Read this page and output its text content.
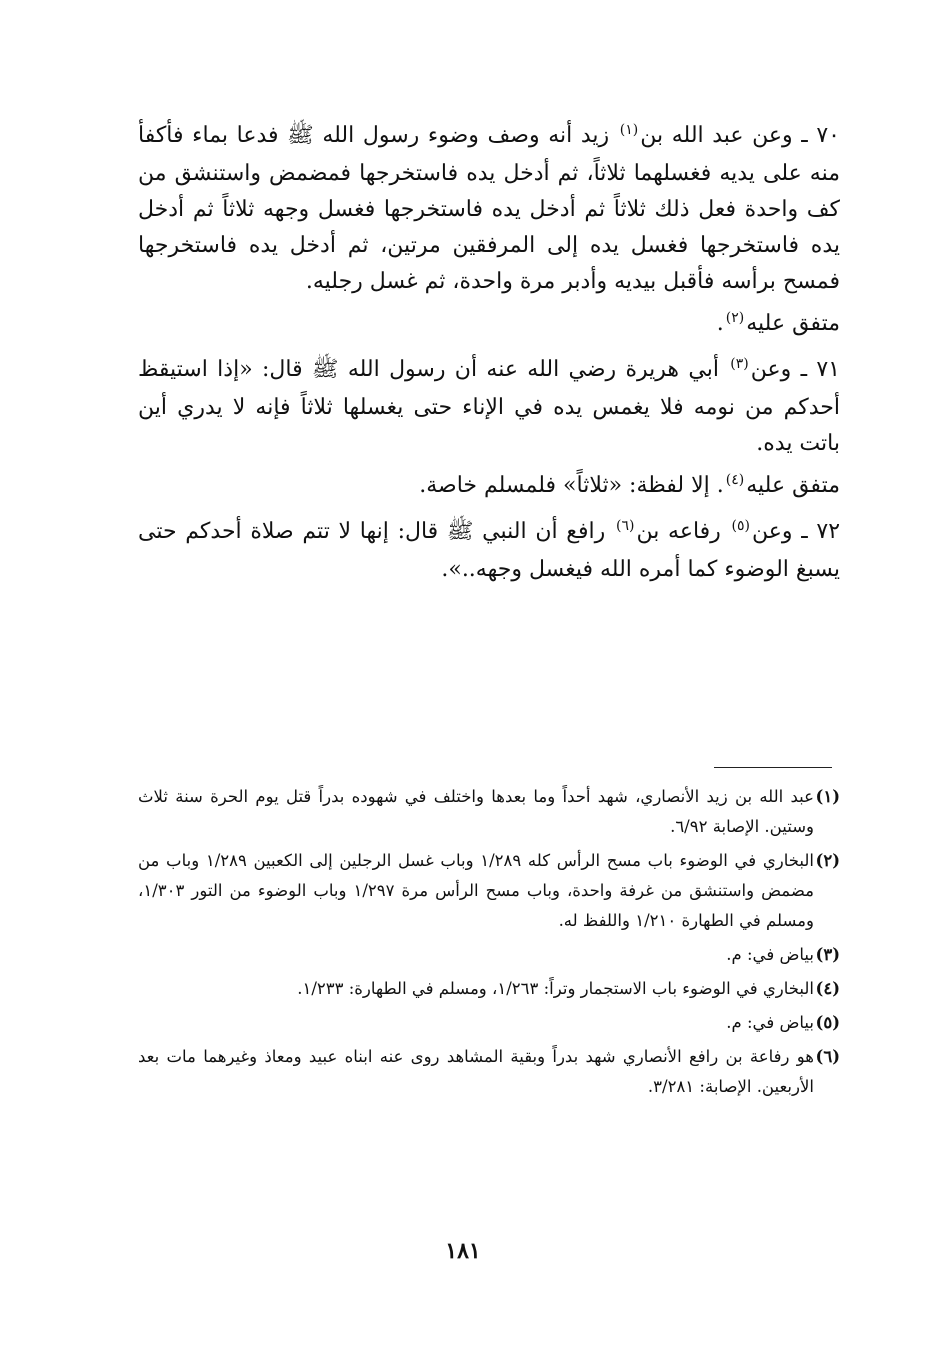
٧٠ ـ وعن عبد الله بن$^{(١)}$ زيد أنه وصف وضوء رسول الله ﷺ فدعا بماء فأكفأ منه على يديه فغسلهما ثلاثاً، ثم أدخل يده فاستخرجها فمضمض واستنشق من كف واحدة فعل ذلك ثلاثاً ثم أدخل يده فاستخرجها فغسل وجهه ثلاثاً ثم أدخل يده فاستخرجها فغسل يده إلى المرفقين مرتين، ثم أدخل يده فاستخرجها فمسح برأسه فأقبل بيديه وأدبر مرة واحدة، ثم غسل رجليه.

متفق عليه$^{(٢)}$.

٧١ ـ وعن$^{(٣)}$ أبي هريرة رضي الله عنه أن رسول الله ﷺ قال: «إذا استيقظ أحدكم من نومه فلا يغمس يده في الإناء حتى يغسلها ثلاثاً فإنه لا يدري أين باتت يده.

متفق عليه$^{(٤)}$. إلا لفظة: «ثلاثاً» فلمسلم خاصة.

٧٢ ـ وعن$^{(٥)}$ رفاعه بن$^{(٦)}$ رافع أن النبي ﷺ قال: إنها لا تتم صلاة أحدكم حتى يسبغ الوضوء كما أمره الله فيغسل وجهه..».

(١)
عبد الله بن زيد الأنصاري، شهد أحداً وما بعدها واختلف في شهوده بدراً قتل يوم الحرة سنة ثلاث وستين. الإصابة ٦/٩٢.

(٢)
البخاري في الوضوء باب مسح الرأس كله ١/٢٨٩ وباب غسل الرجلين إلى الكعبين ١/٢٨٩ وباب من مضمض واستنشق من غرفة واحدة، وباب مسح الرأس مرة ١/٢٩٧ وباب الوضوء من التور ١/٣٠٣، ومسلم في الطهارة ١/٢١٠ واللفظ له.

(٣)
بياض في: م.

(٤)
البخاري في الوضوء باب الاستجمار وتراً: ١/٢٦٣، ومسلم في الطهارة: ١/٢٣٣.

(٥)
بياض في: م.

(٦)
هو رفاعة بن رافع الأنصاري شهد بدراً وبقية المشاهد روى عنه ابناه عبيد ومعاذ وغيرهما مات بعد الأربعين. الإصابة: ٣/٢٨١.

١٨١
